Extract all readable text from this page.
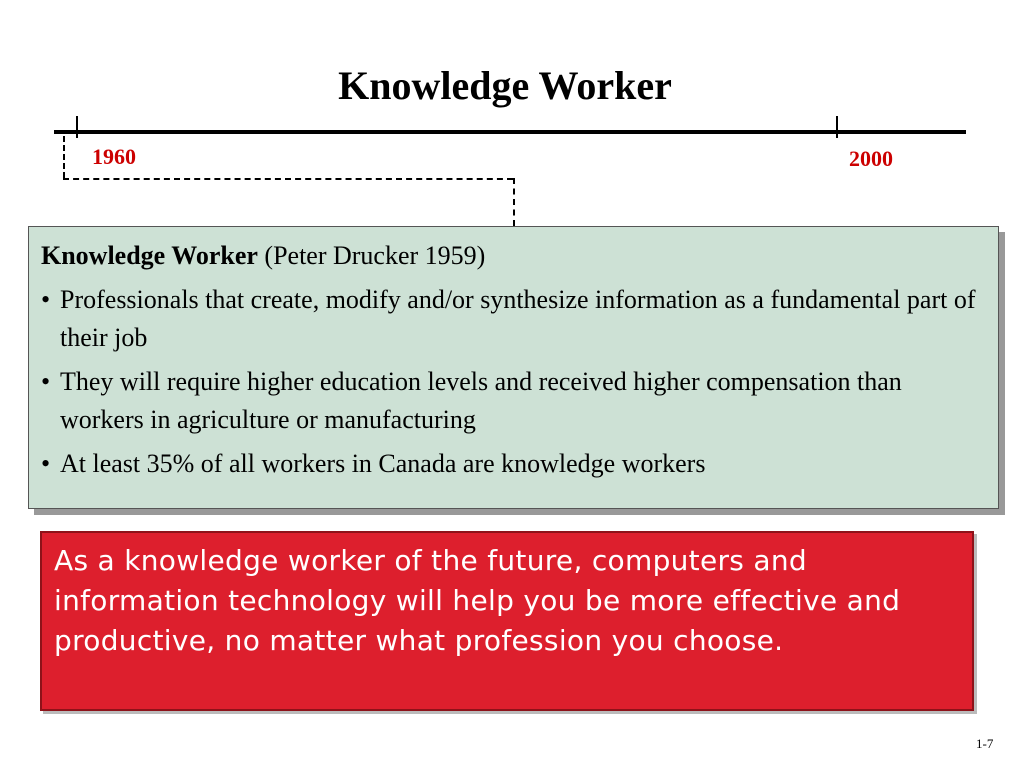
Knowledge Worker
1960	2000
Knowledge Worker (Peter Drucker 1959)
• Professionals that create, modify and/or synthesize information as a fundamental part of their job
• They will require higher education levels and received higher compensation than workers in agriculture or manufacturing
• At least 35% of all workers in Canada are knowledge workers
As a knowledge worker of the future, computers and information technology will help you be more effective and productive, no matter what profession you choose.
1-7
